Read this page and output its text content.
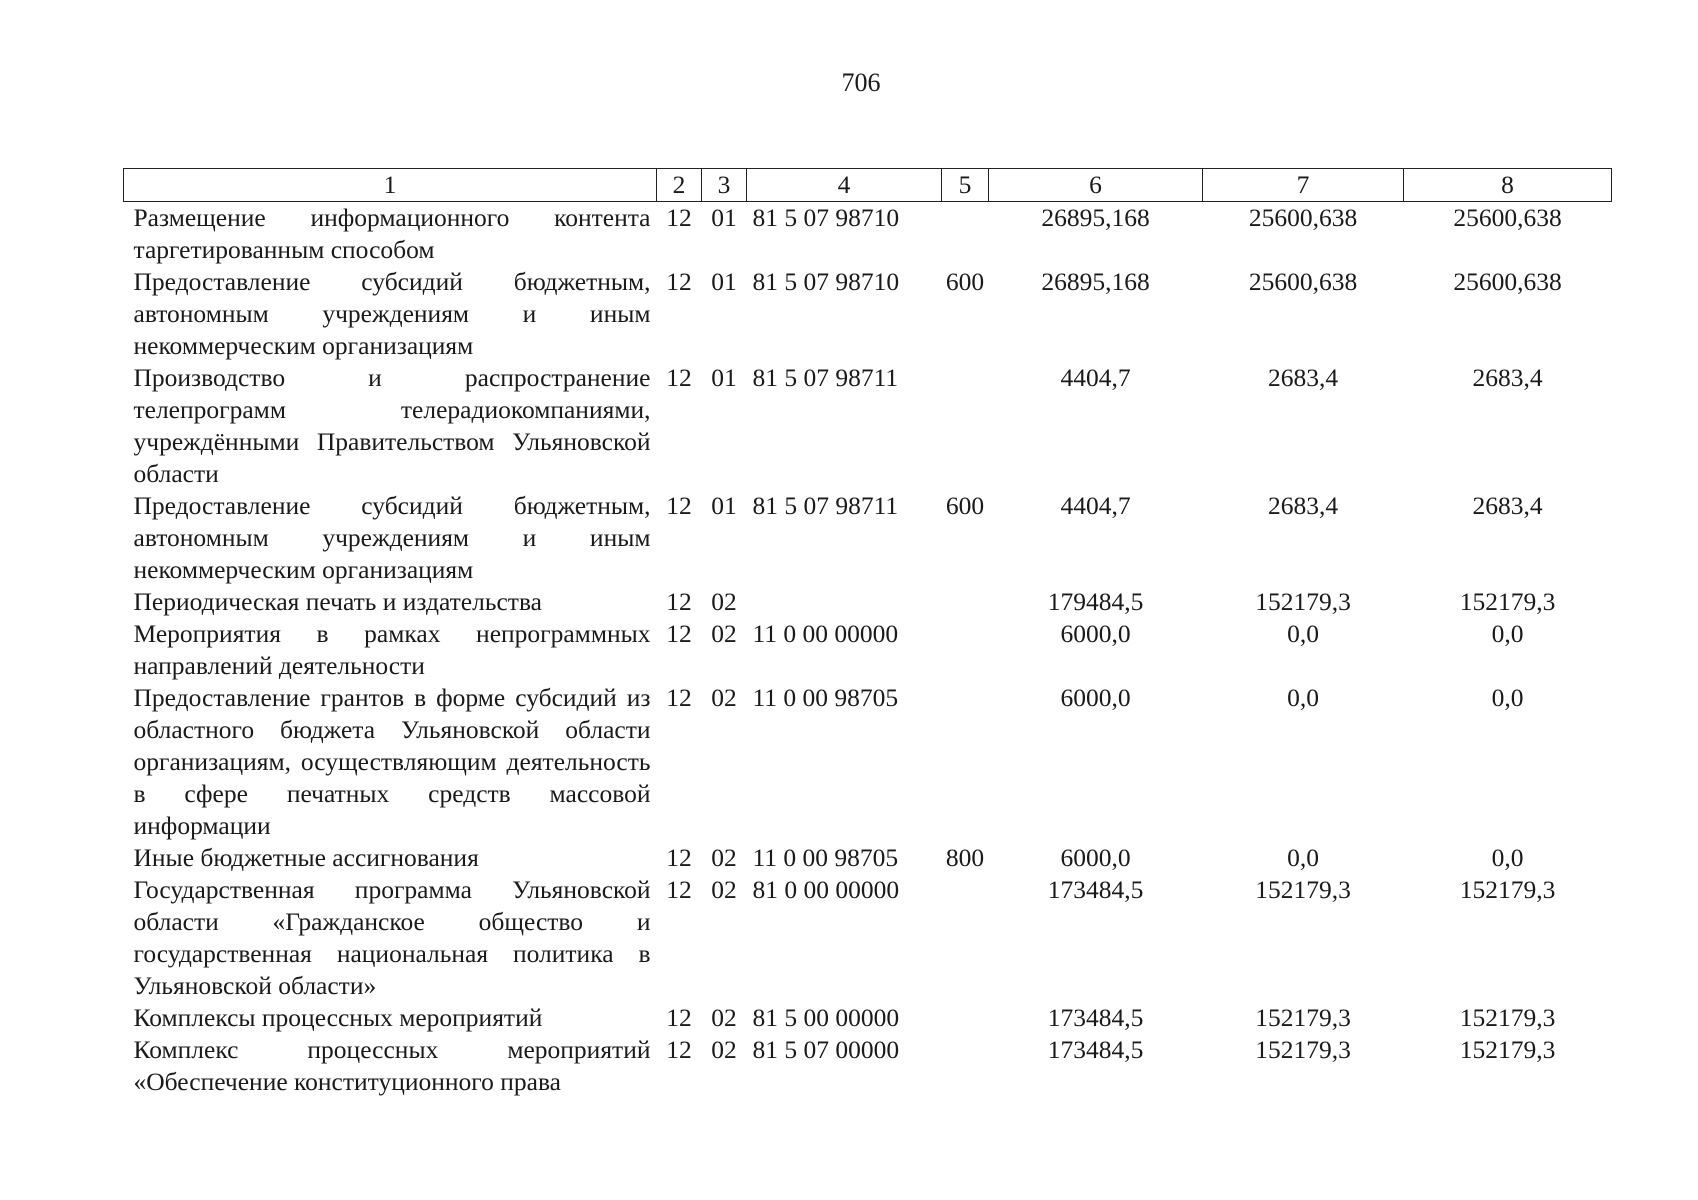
706
1	2	3	4	5	6	7	8
Размещение информационного контента таргетированным способом	12	01	81 5 07 98710		26895,168	25600,638	25600,638
Предоставление субсидий бюджетным, автономным учреждениям и иным некоммерческим организациям	12	01	81 5 07 98710	600	26895,168	25600,638	25600,638
Производство и распространение телепрограмм телерадиокомпаниями, учреждёнными Правительством Ульяновской области	12	01	81 5 07 98711		4404,7	2683,4	2683,4
Предоставление субсидий бюджетным, автономным учреждениям и иным некоммерческим организациям	12	01	81 5 07 98711	600	4404,7	2683,4	2683,4
Периодическая печать и издательства	12	02			179484,5	152179,3	152179,3
Мероприятия в рамках непрограммных направлений деятельности	12	02	11 0 00 00000		6000,0	0,0	0,0
Предоставление грантов в форме субсидий из областного бюджета Ульяновской области организациям, осуществляющим деятельность в сфере печатных средств массовой информации	12	02	11 0 00 98705		6000,0	0,0	0,0
Иные бюджетные ассигнования	12	02	11 0 00 98705	800	6000,0	0,0	0,0
Государственная программа Ульяновской области «Гражданское общество и государственная национальная политика в Ульяновской области»	12	02	81 0 00 00000		173484,5	152179,3	152179,3
Комплексы процессных мероприятий	12	02	81 5 00 00000		173484,5	152179,3	152179,3
Комплекс процессных мероприятий «Обеспечение конституционного права	12	02	81 5 07 00000		173484,5	152179,3	152179,3
